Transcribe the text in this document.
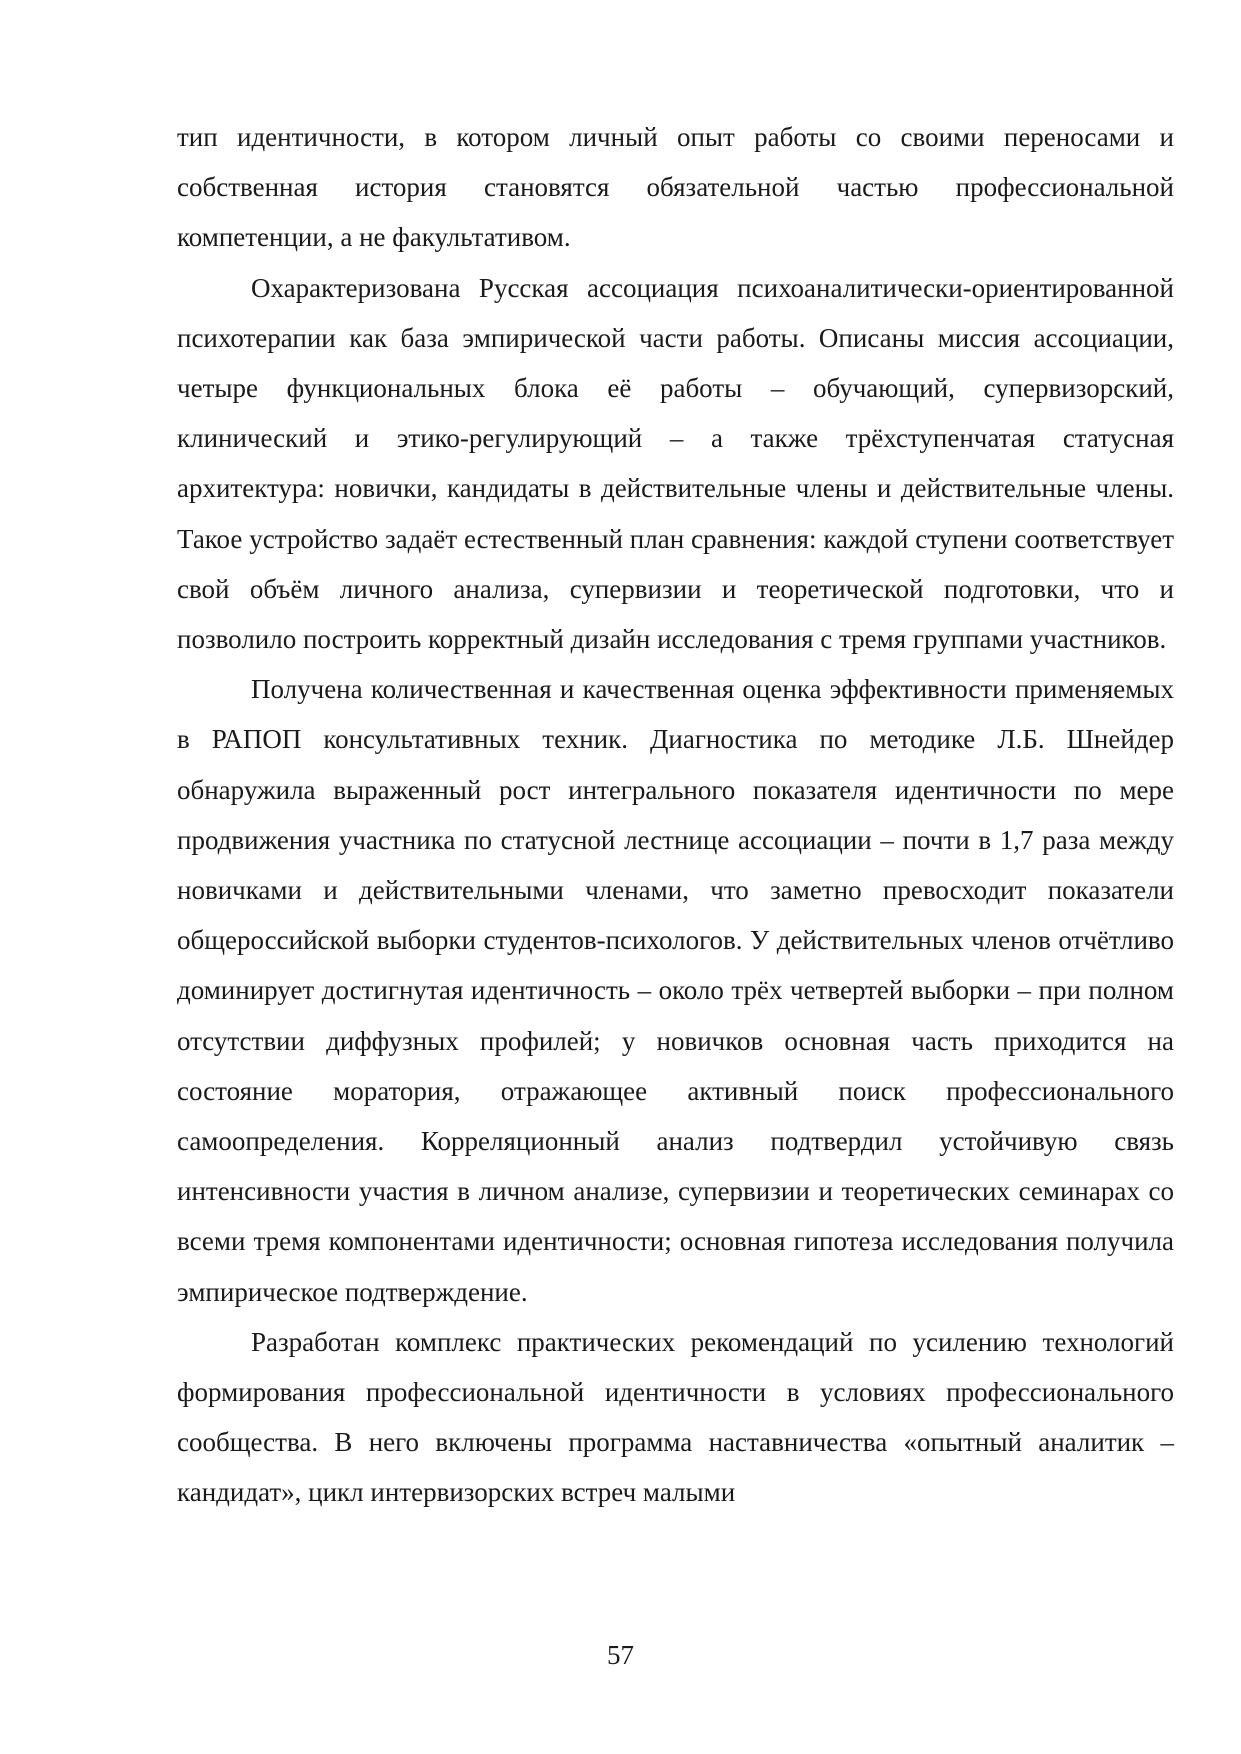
тип идентичности, в котором личный опыт работы со своими переносами и собственная история становятся обязательной частью профессиональной компетенции, а не факультативом.

Охарактеризована Русская ассоциация психоаналитически-ориентированной психотерапии как база эмпирической части работы. Описаны миссия ассоциации, четыре функциональных блока её работы – обучающий, супервизорский, клинический и этико-регулирующий – а также трёхступенчатая статусная архитектура: новички, кандидаты в действительные члены и действительные члены. Такое устройство задаёт естественный план сравнения: каждой ступени соответствует свой объём личного анализа, супервизии и теоретической подготовки, что и позволило построить корректный дизайн исследования с тремя группами участников.

Получена количественная и качественная оценка эффективности применяемых в РАПОП консультативных техник. Диагностика по методике Л.Б. Шнейдер обнаружила выраженный рост интегрального показателя идентичности по мере продвижения участника по статусной лестнице ассоциации – почти в 1,7 раза между новичками и действительными членами, что заметно превосходит показатели общероссийской выборки студентов-психологов. У действительных членов отчётливо доминирует достигнутая идентичность – около трёх четвертей выборки – при полном отсутствии диффузных профилей; у новичков основная часть приходится на состояние моратория, отражающее активный поиск профессионального самоопределения. Корреляционный анализ подтвердил устойчивую связь интенсивности участия в личном анализе, супервизии и теоретических семинарах со всеми тремя компонентами идентичности; основная гипотеза исследования получила эмпирическое подтверждение.

Разработан комплекс практических рекомендаций по усилению технологий формирования профессиональной идентичности в условиях профессионального сообщества. В него включены программа наставничества «опытный аналитик – кандидат», цикл интервизорских встреч малыми

57
